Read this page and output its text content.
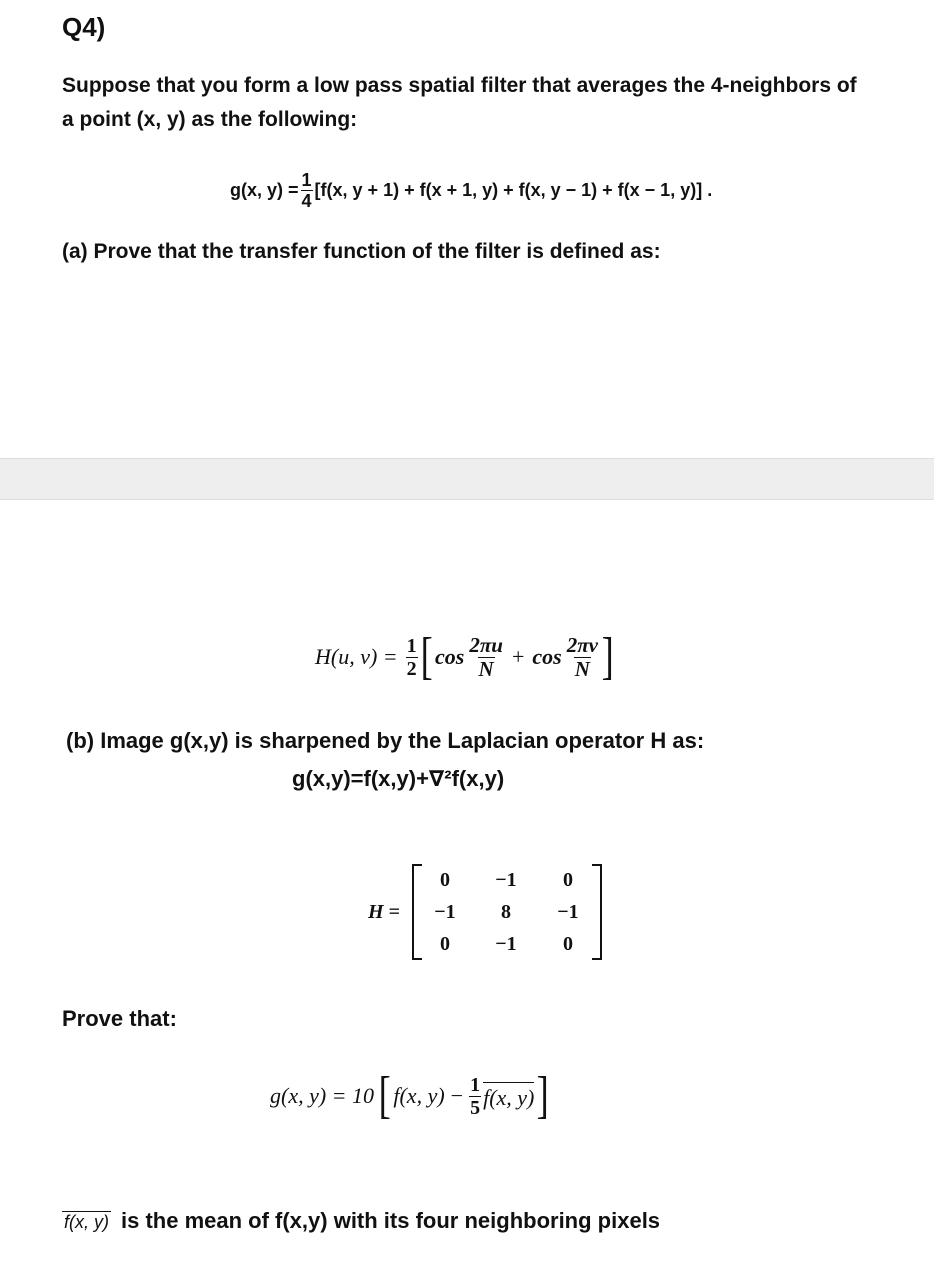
Q4)
Suppose that you form a low pass spatial filter that averages the 4-neighbors of
a point (x, y) as the following:
g(x, $y) = \frac{1}{4} [f(x$, y + 1) + f(x + 1, y) + f(x, y − 1) + f(x − 1, y)] .
(a) Prove that the transfer function of the filter is defined as:
H(u, $v) = \frac{1}{2}$ [ $\cos \frac{2\pi u}{N} + \cos \frac{2\pi v}{N}$ ]
(b) Image g(x,y) is sharpened by the Laplacian operator H as:
g(x,y)=f(x,y)+∇²f(x,y)
H =
0 −1 0
−1 8 −1
0 −1 0
Prove that:
g(x, y) = 10 [ f(x, $y) - \frac{1}{5} f(x$, y) ]
f(x, y) is the mean of f(x,y) with its four neighboring pixels
